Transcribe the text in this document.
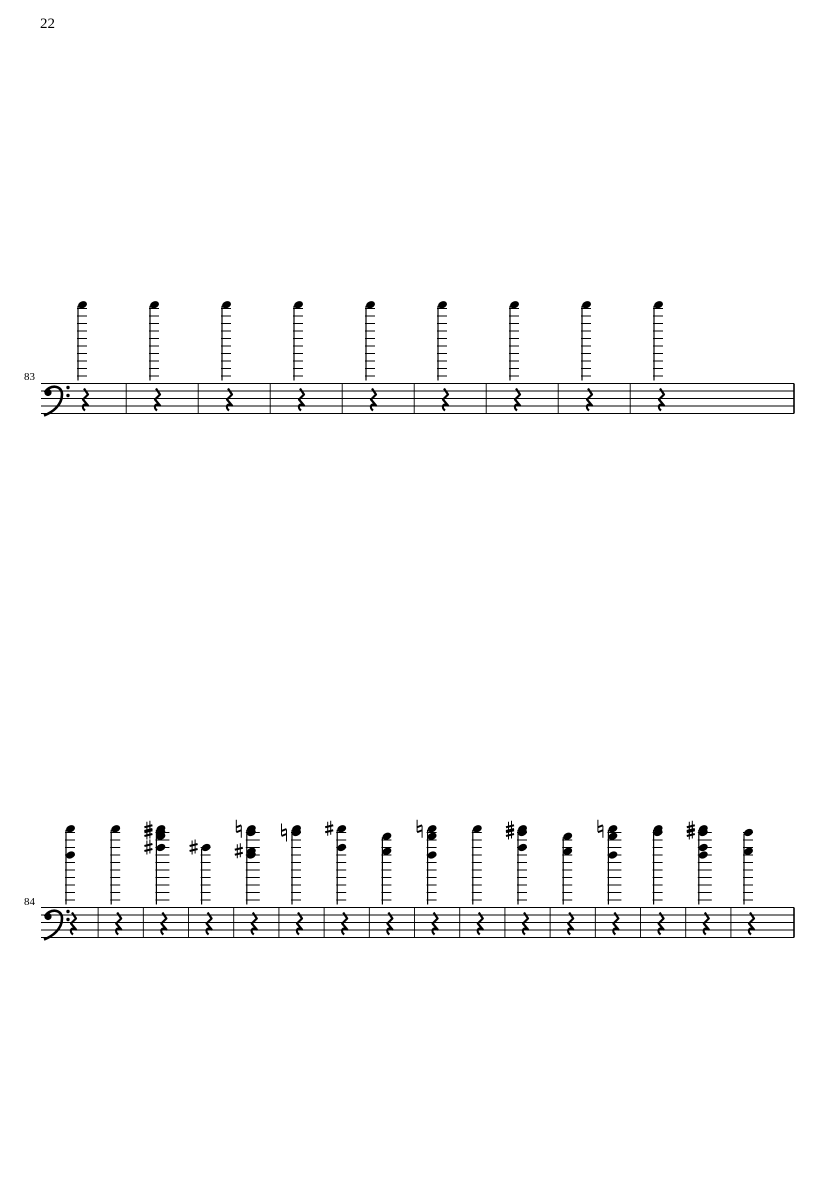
22
83
84
